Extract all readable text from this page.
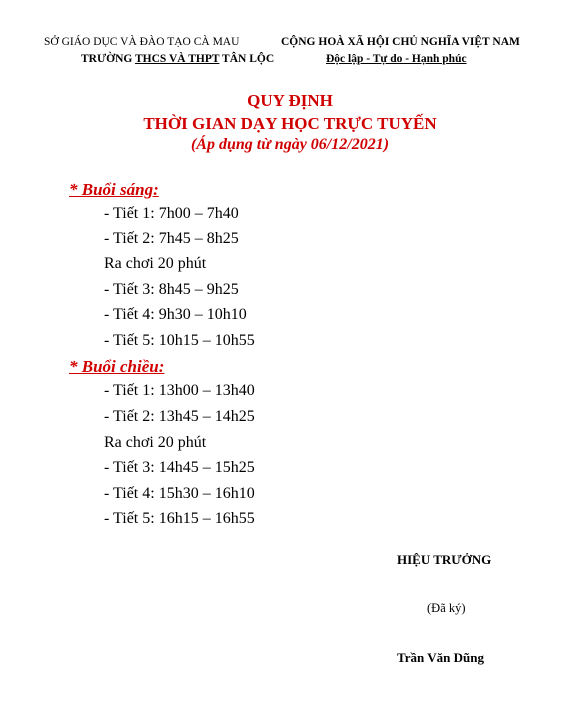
SỞ GIÁO DỤC VÀ ĐÀO TẠO CÀ MAU
TRƯỜNG THCS VÀ THPT TÂN LỘC
CỘNG HOÀ XÃ HỘI CHỦ NGHĨA VIỆT NAM
Độc lập - Tự do - Hạnh phúc
QUY ĐỊNH
THỜI GIAN DẠY HỌC TRỰC TUYẾN
(Áp dụng từ ngày 06/12/2021)
* Buổi sáng:
- Tiết 1: 7h00 – 7h40
- Tiết 2: 7h45 – 8h25
Ra chơi 20 phút
- Tiết 3: 8h45 – 9h25
- Tiết 4: 9h30 – 10h10
- Tiết 5: 10h15 – 10h55
* Buổi chiều:
- Tiết 1: 13h00 – 13h40
- Tiết 2: 13h45 – 14h25
Ra chơi 20 phút
- Tiết 3: 14h45 – 15h25
- Tiết 4: 15h30 – 16h10
- Tiết 5: 16h15 – 16h55
HIỆU TRƯỞNG
(Đã ký)
Trần Văn Dũng
